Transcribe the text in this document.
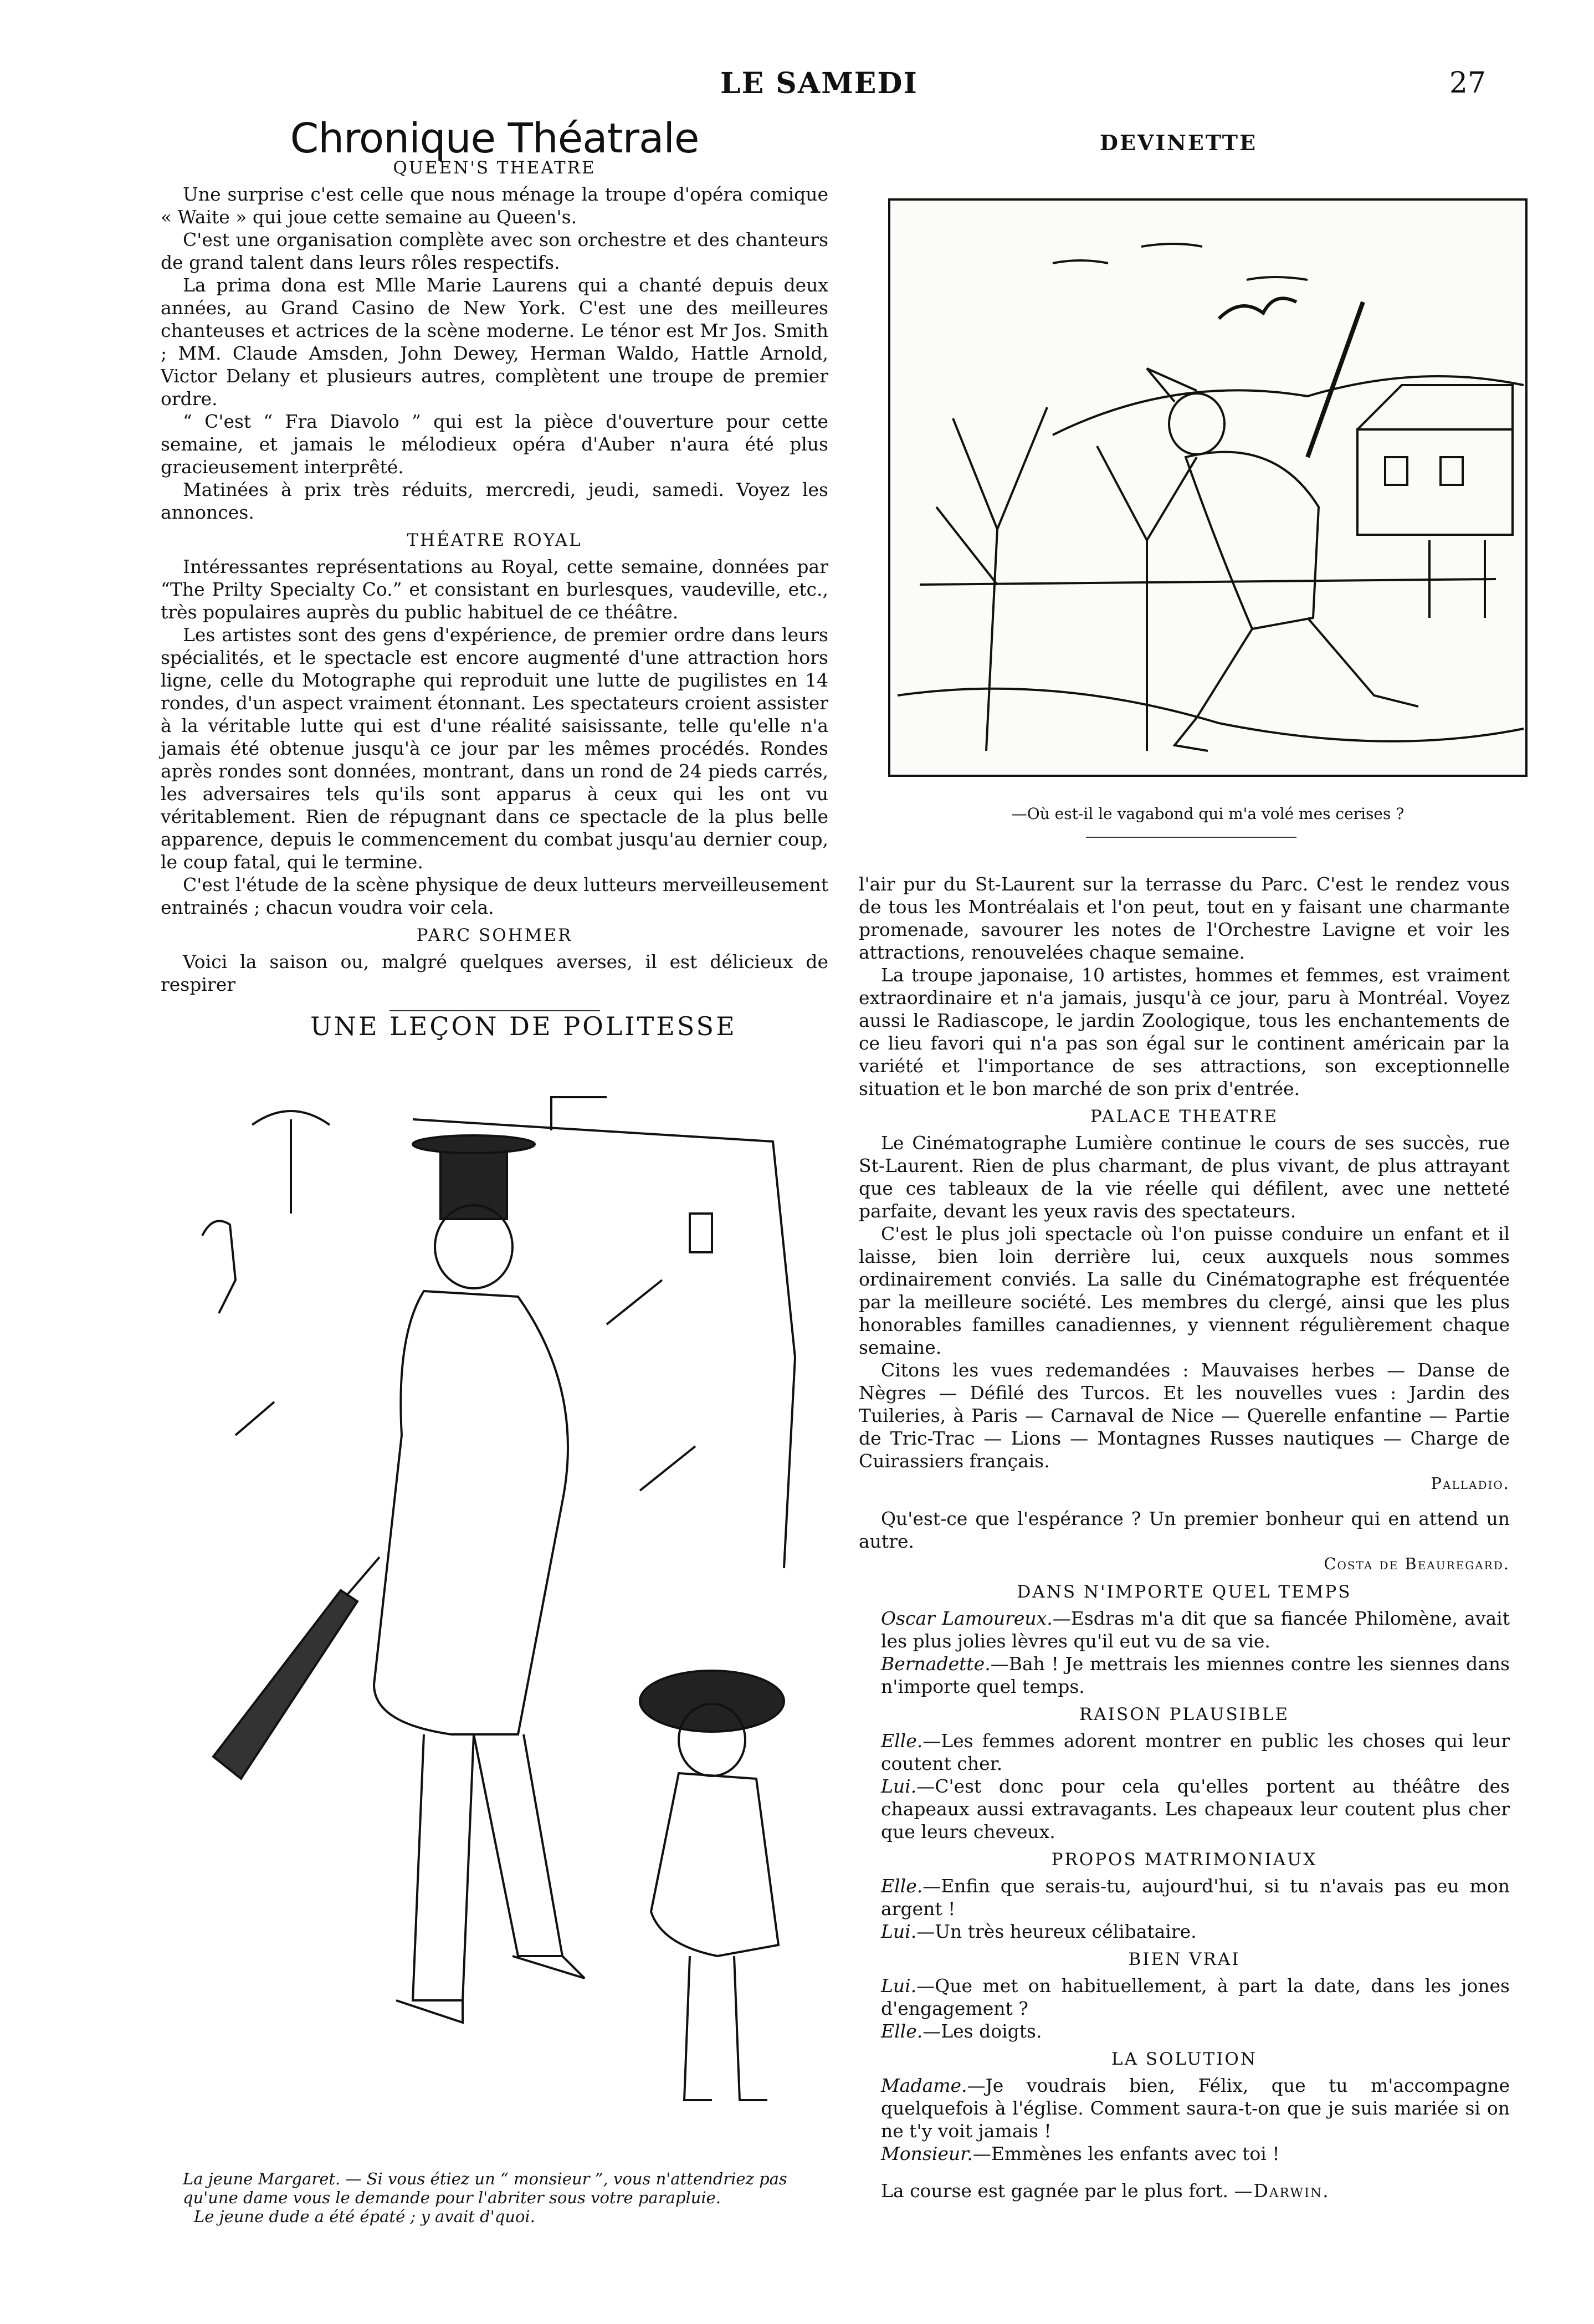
LE SAMEDI	27
Chronique Théatrale
QUEEN'S THEATRE

Une surprise c'est celle que nous ménage la troupe d'opéra comique « Waite » qui joue cette semaine au Queen's.

C'est une organisation complète avec son orchestre et des chanteurs de grand talent dans leurs rôles respectifs.

La prima dona est Mlle Marie Laurens qui a chanté depuis deux années, au Grand Casino de New York. C'est une des meilleures chanteuses et actrices de la scène moderne. Le ténor est Mr Jos. Smith ; MM. Claude Amsden, John Dewey, Herman Waldo, Hattle Arnold, Victor Delany et plusieurs autres, complètent une troupe de premier ordre.

“ C'est “ Fra Diavolo ” qui est la pièce d'ouverture pour cette semaine, et jamais le mélodieux opéra d'Auber n'aura été plus gracieusement interprêté.

Matinées à prix très réduits, mercredi, jeudi, samedi. Voyez les annonces.

THÉATRE ROYAL

Intéressantes représentations au Royal, cette semaine, données par “The Prilty Specialty Co.” et consistant en burlesques, vaudeville, etc., très populaires auprès du public habituel de ce théâtre.

Les artistes sont des gens d'expérience, de premier ordre dans leurs spécialités, et le spectacle est encore augmenté d'une attraction hors ligne, celle du Motographe qui reproduit une lutte de pugilistes en 14 rondes, d'un aspect vraiment étonnant. Les spectateurs croient assister à la véritable lutte qui est d'une réalité saisissante, telle qu'elle n'a jamais été obtenue jusqu'à ce jour par les mêmes procédés. Rondes après rondes sont données, montrant, dans un rond de 24 pieds carrés, les adversaires tels qu'ils sont apparus à ceux qui les ont vu véritablement. Rien de répugnant dans ce spectacle de la plus belle apparence, depuis le commencement du combat jusqu'au dernier coup, le coup fatal, qui le termine.

C'est l'étude de la scène physique de deux lutteurs merveilleusement entrainés ; chacun voudra voir cela.

PARC SOHMER

Voici la saison ou, malgré quelques averses, il est délicieux de respirer

UNE LEÇON DE POLITESSE
La jeune Margaret. — Si vous étiez un “ monsieur ”, vous n'attendriez pas qu'une dame vous le demande pour l'abriter sous votre parapluie.
Le jeune dude a été épaté ; y avait d'quoi.
DEVINETTE
—Où est-il le vagabond qui m'a volé mes cerises ?

l'air pur du St-Laurent sur la terrasse du Parc. C'est le rendez vous de tous les Montréalais et l'on peut, tout en y faisant une charmante promenade, savourer les notes de l'Orchestre Lavigne et voir les attractions, renouvelées chaque semaine.

La troupe japonaise, 10 artistes, hommes et femmes, est vraiment extraordinaire et n'a jamais, jusqu'à ce jour, paru à Montréal. Voyez aussi le Radiascope, le jardin Zoologique, tous les enchantements de ce lieu favori qui n'a pas son égal sur le continent américain par la variété et l'importance de ses attractions, son exceptionnelle situation et le bon marché de son prix d'entrée.

PALACE THEATRE

Le Cinématographe Lumière continue le cours de ses succès, rue St-Laurent. Rien de plus charmant, de plus vivant, de plus attrayant que ces tableaux de la vie réelle qui défilent, avec une netteté parfaite, devant les yeux ravis des spectateurs.

C'est le plus joli spectacle où l'on puisse conduire un enfant et il laisse, bien loin derrière lui, ceux auxquels nous sommes ordinairement conviés. La salle du Cinématographe est fréquentée par la meilleure société. Les membres du clergé, ainsi que les plus honorables familles canadiennes, y viennent régulièrement chaque semaine.

Citons les vues redemandées : Mauvaises herbes — Danse de Nègres — Défilé des Turcos. Et les nouvelles vues : Jardin des Tuileries, à Paris — Carnaval de Nice — Querelle enfantine — Partie de Tric-Trac — Lions — Montagnes Russes nautiques — Charge de Cuirassiers français.

Palladio.

Qu'est-ce que l'espérance ? Un premier bonheur qui en attend un autre.

Costa de Beauregard.
DANS N'IMPORTE QUEL TEMPS

Oscar Lamoureux.—Esdras m'a dit que sa fiancée Philomène, avait les plus jolies lèvres qu'il eut vu de sa vie.

Bernadette.—Bah ! Je mettrais les miennes contre les siennes dans n'importe quel temps.

RAISON PLAUSIBLE

Elle.—Les femmes adorent montrer en public les choses qui leur coutent cher.

Lui.—C'est donc pour cela qu'elles portent au théâtre des chapeaux aussi extravagants. Les chapeaux leur coutent plus cher que leurs cheveux.

PROPOS MATRIMONIAUX

Elle.—Enfin que serais-tu, aujourd'hui, si tu n'avais pas eu mon argent !

Lui.—Un très heureux célibataire.

BIEN VRAI

Lui.—Que met on habituellement, à part la date, dans les jones d'engagement ?

Elle.—Les doigts.

LA SOLUTION

Madame.—Je voudrais bien, Félix, que tu m'accompagne quelquefois à l'église. Comment saura-t-on que je suis mariée si on ne t'y voit jamais !

Monsieur.—Emmènes les enfants avec toi !

La course est gagnée par le plus fort. —Darwin.
